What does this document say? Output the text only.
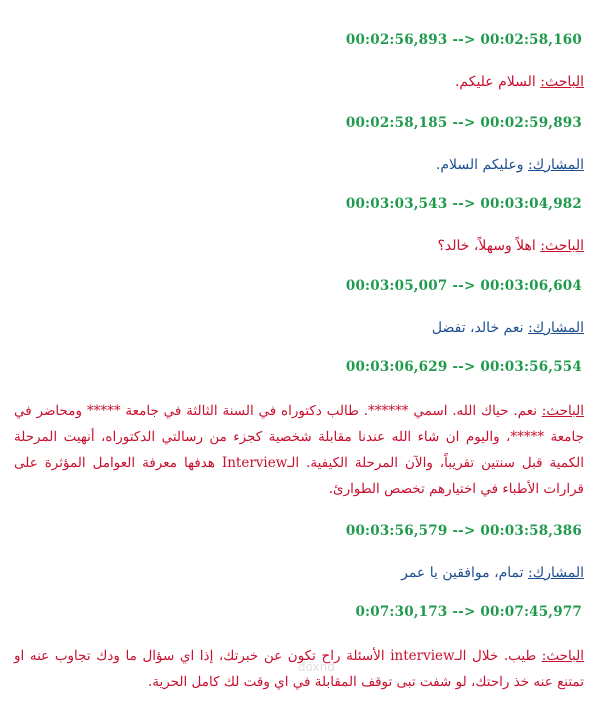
00:02:56,893 --> 00:02:58,160
الباحث: السلام عليكم.
00:02:58,185 --> 00:02:59,893
المشارك: وعليكم السلام.
00:03:03,543 --> 00:03:04,982
الباحث: اهلاً وسهلاً، خالد؟
00:03:05,007 --> 00:03:06,604
المشارك: نعم خالد، تفضل
00:03:06,629 --> 00:03:56,554
الباحث: نعم. حياك الله. اسمي ******. طالب دكتوراه في السنة الثالثة في جامعة ***** ومحاضر في جامعة *****، واليوم ان شاء الله عندنا مقابلة شخصية كجزء من رسالتي الدكتوراه، أنهيت المرحلة الكمية قبل سنتين تقريباً، والآن المرحلة الكيفية. الـInterview هدفها معرفة العوامل المؤثرة على قرارات الأطباء في اختيارهم تخصص الطوارئ.
00:03:56,579 --> 00:03:58,386
المشارك: تمام، موافقين يا عمر
0:07:30,173 --> 00:07:45,977
الباحث: طيب. خلال الـinterview الأسئلة راح تكون عن خبرتك، إذا اي سؤال ما ودك تجاوب عنه او تمتنع عنه خذ راحتك، لو شفت تبى توقف المقابلة في اي وقت لك كامل الحرية.
doxnd
